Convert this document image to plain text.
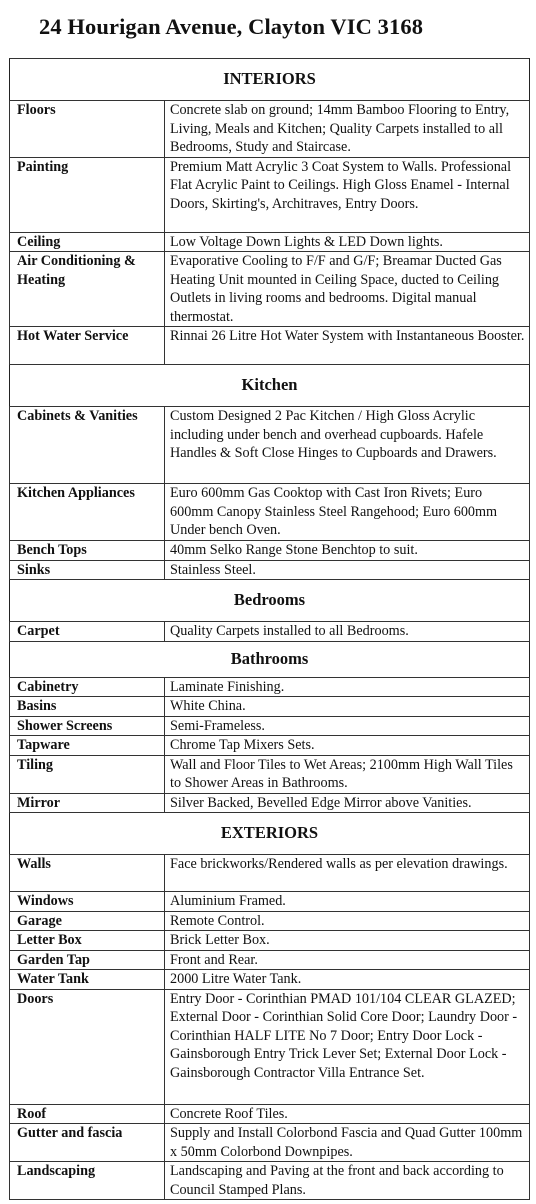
24 Hourigan Avenue, Clayton VIC 3168
INTERIORS	
Floors	Concrete slab on ground; 14mm Bamboo Flooring to Entry, Living, Meals and Kitchen; Quality Carpets installed to all Bedrooms, Study and Staircase.
Painting	Premium Matt Acrylic 3 Coat System to Walls. Professional Flat Acrylic Paint to Ceilings. High Gloss Enamel - Internal Doors, Skirting's, Architraves, Entry Doors.
Ceiling	Low Voltage Down Lights & LED Down lights.
Air Conditioning & Heating	Evaporative Cooling to F/F and G/F; Breamar Ducted Gas Heating Unit mounted in Ceiling Space, ducted to Ceiling Outlets in living rooms and bedrooms. Digital manual thermostat.
Hot Water Service	Rinnai 26 Litre Hot Water System with Instantaneous Booster.
Kitchen	
Cabinets & Vanities	Custom Designed 2 Pac Kitchen / High Gloss Acrylic including under bench and overhead cupboards. Hafele Handles & Soft Close Hinges to Cupboards and Drawers.
Kitchen Appliances	Euro 600mm Gas Cooktop with Cast Iron Rivets; Euro 600mm Canopy Stainless Steel Rangehood; Euro 600mm Under bench Oven.
Bench Tops	40mm Selko Range Stone Benchtop to suit.
Sinks	Stainless Steel.
Bedrooms	
Carpet	Quality Carpets installed to all Bedrooms.
Bathrooms	
Cabinetry	Laminate Finishing.
Basins	White China.
Shower Screens	Semi-Frameless.
Tapware	Chrome Tap Mixers Sets.
Tiling	Wall and Floor Tiles to Wet Areas; 2100mm High Wall Tiles to Shower Areas in Bathrooms.
Mirror	Silver Backed, Bevelled Edge Mirror above Vanities.
EXTERIORS	
Walls	Face brickworks/Rendered walls as per elevation drawings.
Windows	Aluminium Framed.
Garage	Remote Control.
Letter Box	Brick Letter Box.
Garden Tap	Front and Rear.
Water Tank	2000 Litre Water Tank.
Doors	Entry Door - Corinthian PMAD 101/104 CLEAR GLAZED; External Door - Corinthian Solid Core Door; Laundry Door - Corinthian HALF LITE No 7 Door; Entry Door Lock - Gainsborough Entry Trick Lever Set; External Door Lock - Gainsborough Contractor Villa Entrance Set.
Roof	Concrete Roof Tiles.
Gutter and fascia	Supply and Install Colorbond Fascia and Quad Gutter 100mm x 50mm Colorbond Downpipes.
Landscaping	Landscaping and Paving at the front and back according to Council Stamped Plans.
